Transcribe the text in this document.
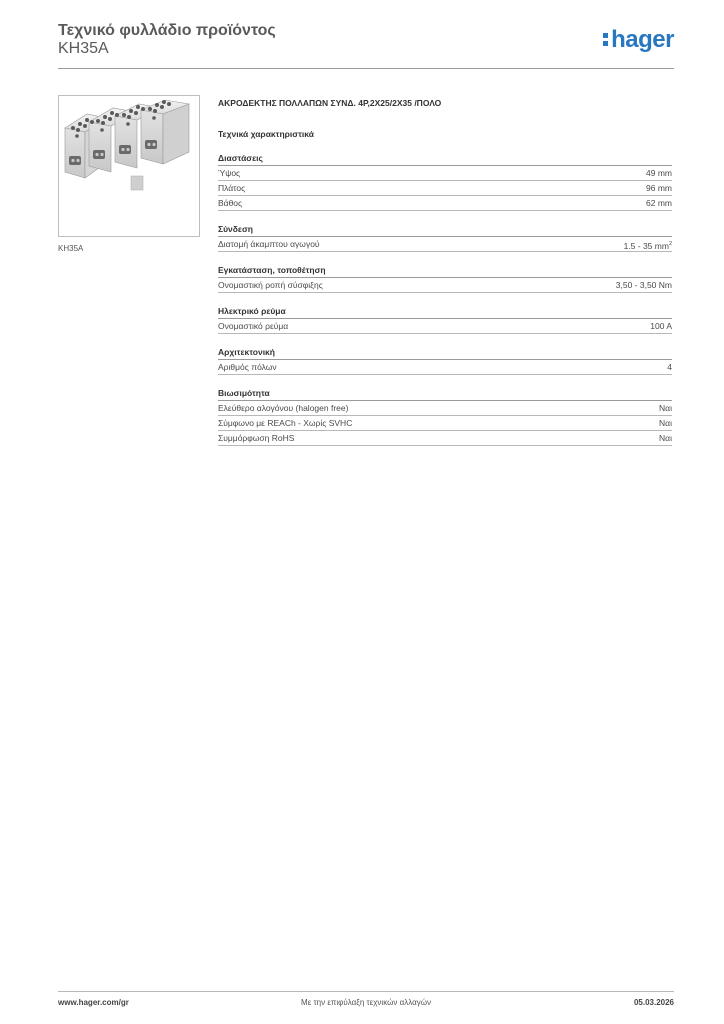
Τεχνικό φυλλάδιο προϊόντος
KH35A	hager
KH35A
ΑΚΡΟΔΕΚΤΗΣ ΠΟΛΛΑΠΩΝ ΣΥΝΔ. 4P,2X25/2X35 /ΠΟΛΟ
Τεχνικά χαρακτηριστικά
Διαστάσεις
Ύψος	49 mm
Πλάτος	96 mm
Βάθος	62 mm
Σύνδεση
Διατομή άκαμπτου αγωγού	1.5 - 35 $mm^2$
Εγκατάσταση, τοποθέτηση
Ονομαστική ροπή σύσφιξης	3,50 - 3,50 Nm
Ηλεκτρικό ρεύμα
Ονομαστικό ρεύμα	100 A
Αρχιτεκτονική
Αριθμός πόλων	4
Βιωσιμότητα
Ελεύθερο αλογόνου (halogen free)	Ναι
Σύμφωνο με REACh - Χωρίς SVHC	Ναι
Συμμόρφωση RoHS	Ναι
www.hager.com/gr	Με την επιφύλαξη τεχνικών αλλαγών	05.03.2026
